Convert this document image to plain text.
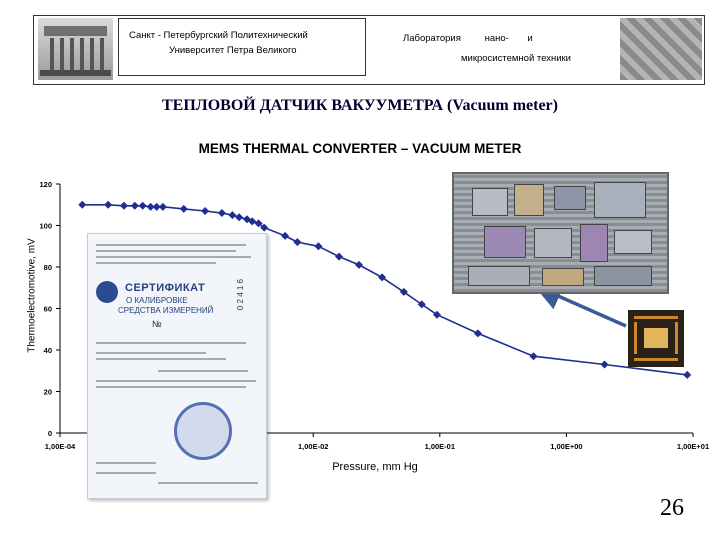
Санкт - Петербургский Политехнический
Университет Петра Великого
Лаборатория         нано-       и
микросистемной техники
ТЕПЛОВОЙ ДАТЧИК ВАКУУМЕТРА (Vacuum meter)
MEMS THERMAL CONVERTER – VACUUM METER
0
20
40
60
80
100
120
1,00E-04	1,00E-02	1,00E-01	1,00E+00	1,00E+01
Thermoelectromotive, mV
Pressure, mm Hg
СЕРТИФИКАТ
О КАЛИБРОВКЕ
СРЕДСТВА ИЗМЕРЕНИЙ
№
0 2 4 1 6
26
